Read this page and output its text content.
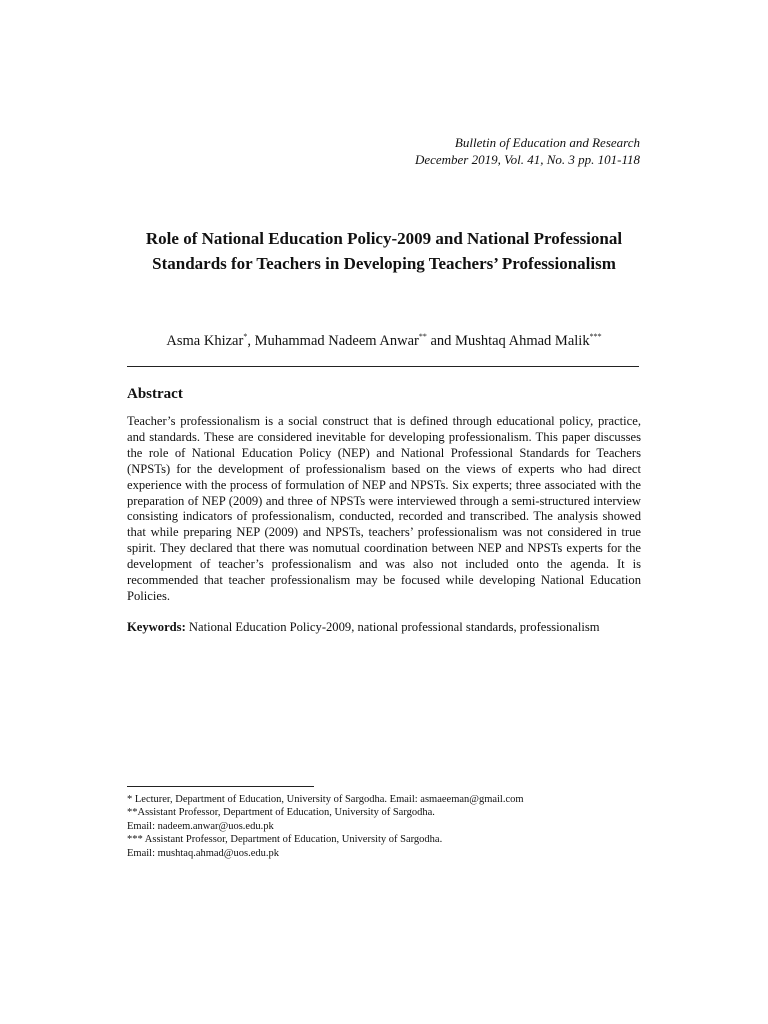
Bulletin of Education and Research
December 2019, Vol. 41, No. 3 pp. 101-118
Role of National Education Policy-2009 and National Professional
Standards for Teachers in Developing Teachers’ Professionalism
Asma Khizar*, Muhammad Nadeem Anwar** and Mushtaq Ahmad Malik***
Abstract

Teacher’s professionalism is a social construct that is defined through educational policy, practice, and standards. These are considered inevitable for developing professionalism. This paper discusses the role of National Education Policy (NEP) and National Professional Standards for Teachers (NPSTs) for the development of professionalism based on the views of experts who had direct experience with the process of formulation of NEP and NPSTs. Six experts; three associated with the preparation of NEP (2009) and three of NPSTs were interviewed through a semi-structured interview consisting indicators of professionalism, conducted, recorded and transcribed. The analysis showed that while preparing NEP (2009) and NPSTs, teachers’ professionalism was not considered in true spirit. They declared that there was nomutual coordination between NEP and NPSTs experts for the development of teacher’s professionalism and was also not included onto the agenda. It is recommended that teacher professionalism may be focused while developing National Education Policies.

Keywords: National Education Policy-2009, national professional standards, professionalism
* Lecturer, Department of Education, University of Sargodha. Email: asmaeeman@gmail.com
**Assistant Professor, Department of Education, University of Sargodha.
Email: nadeem.anwar@uos.edu.pk
*** Assistant Professor, Department of Education, University of Sargodha.
Email: mushtaq.ahmad@uos.edu.pk
